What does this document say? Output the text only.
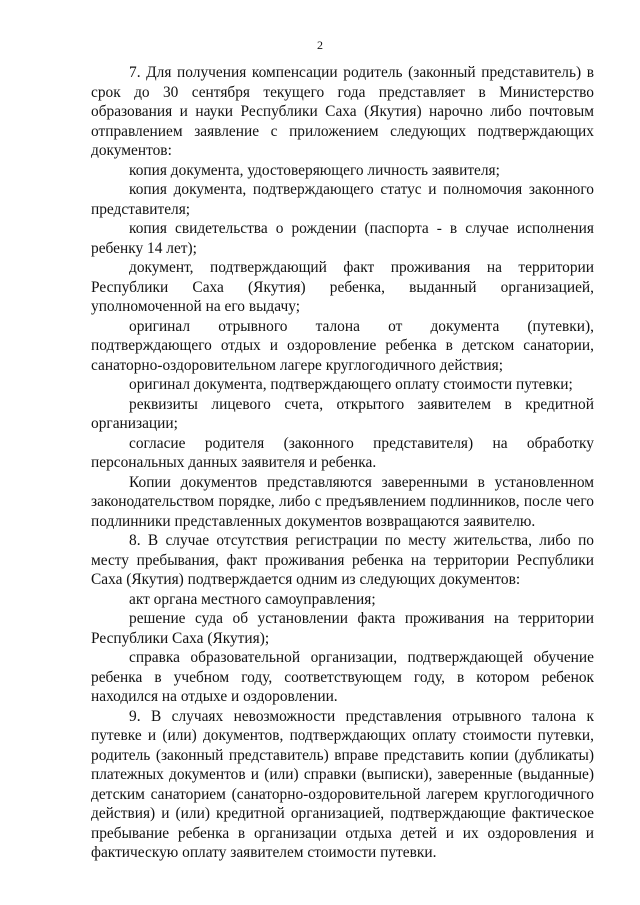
2

7. Для получения компенсации родитель (законный представитель) в срок до 30 сентября текущего года представляет в Министерство образования и науки Республики Саха (Якутия) нарочно либо почтовым отправлением заявление с приложением следующих подтверждающих документов:

копия документа, удостоверяющего личность заявителя;

копия документа, подтверждающего статус и полномочия законного представителя;

копия свидетельства о рождении (паспорта - в случае исполнения ребенку 14 лет);

документ, подтверждающий факт проживания на территории Республики Саха (Якутия) ребенка, выданный организацией, уполномоченной на его выдачу;

оригинал отрывного талона от документа (путевки), подтверждающего отдых и оздоровление ребенка в детском санатории, санаторно-оздоровительном лагере круглогодичного действия;

оригинал документа, подтверждающего оплату стоимости путевки;

реквизиты лицевого счета, открытого заявителем в кредитной организации;

согласие родителя (законного представителя) на обработку персональных данных заявителя и ребенка.

Копии документов представляются заверенными в установленном законодательством порядке, либо с предъявлением подлинников, после чего подлинники представленных документов возвращаются заявителю.

8. В случае отсутствия регистрации по месту жительства, либо по месту пребывания, факт проживания ребенка на территории Республики Саха (Якутия) подтверждается одним из следующих документов:

акт органа местного самоуправления;

решение суда об установлении факта проживания на территории Республики Саха (Якутия);

справка образовательной организации, подтверждающей обучение ребенка в учебном году, соответствующем году, в котором ребенок находился на отдыхе и оздоровлении.

9. В случаях невозможности представления отрывного талона к путевке и (или) документов, подтверждающих оплату стоимости путевки, родитель (законный представитель) вправе представить копии (дубликаты) платежных документов и (или) справки (выписки), заверенные (выданные) детским санаторием (санаторно-оздоровительной лагерем круглогодичного действия) и (или) кредитной организацией, подтверждающие фактическое пребывание ребенка в организации отдыха детей и их оздоровления и фактическую оплату заявителем стоимости путевки.
